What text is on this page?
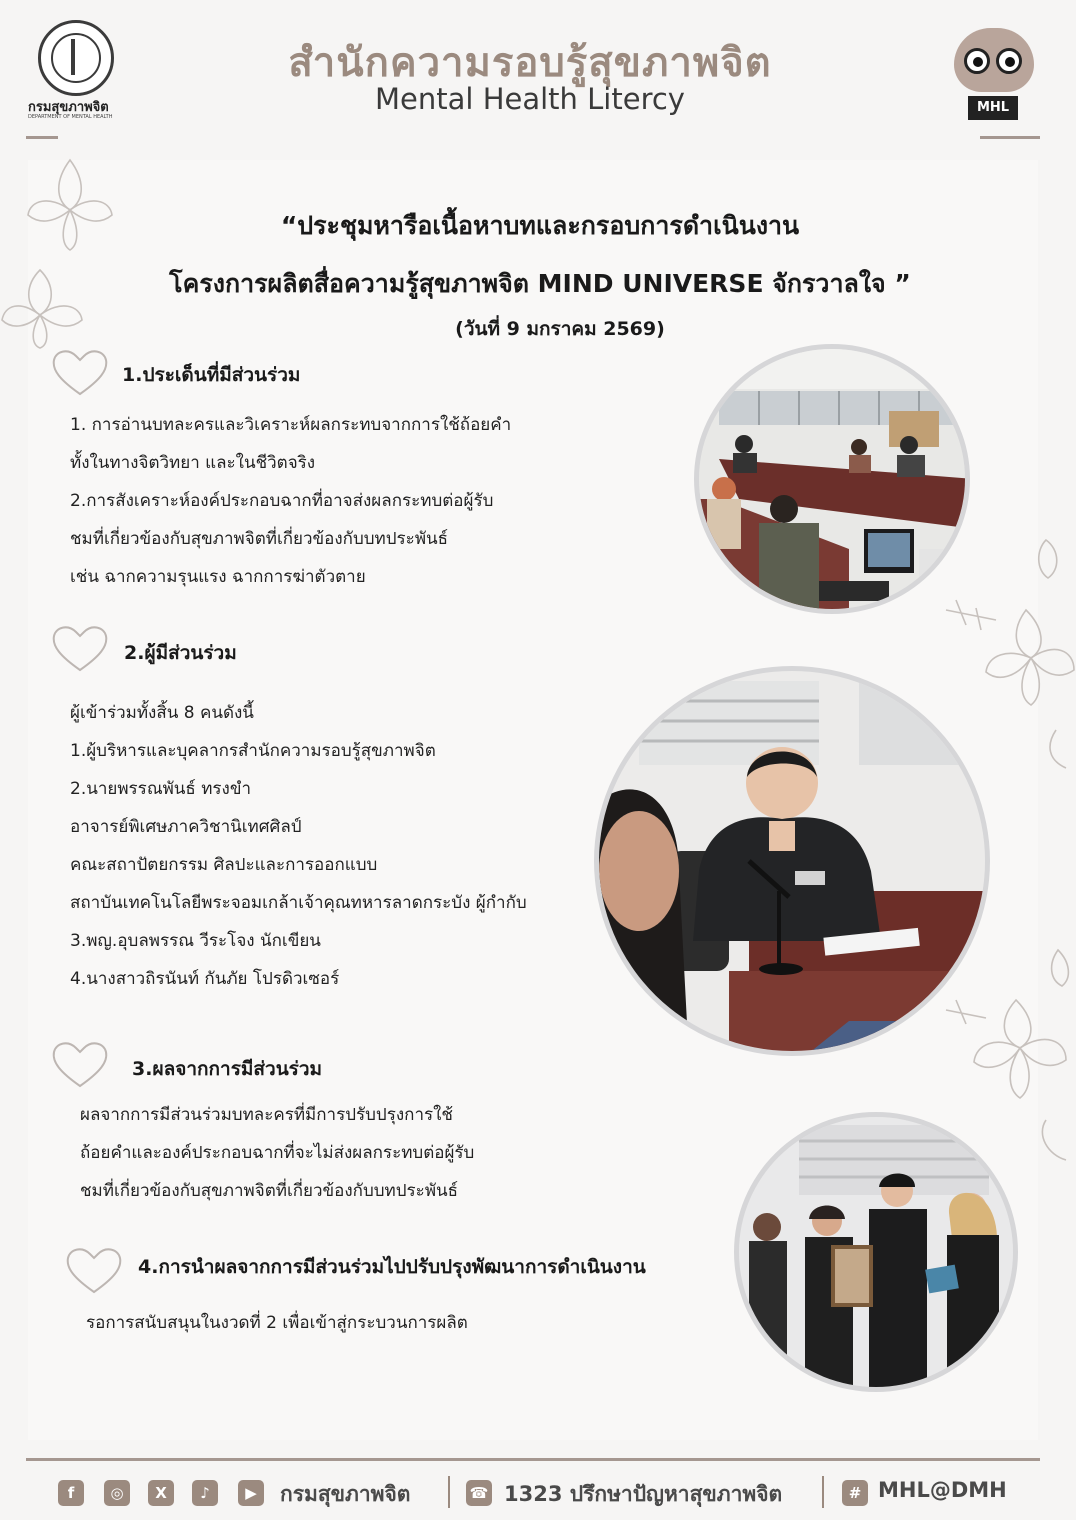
กรมสุขภาพจิต
DEPARTMENT OF MENTAL HEALTH
สำนักความรอบรู้สุขภาพจิต
Mental Health Litercy	MHL
“ประชุมหารือเนื้อหาบทและกรอบการดำเนินงาน
โครงการผลิตสื่อความรู้สุขภาพจิต MIND UNIVERSE จักรวาลใจ ”
(วันที่ 9 มกราคม 2569)
1.ประเด็นที่มีส่วนร่วม
1. การอ่านบทละครและวิเคราะห์ผลกระทบจากการใช้ถ้อยคำ
ทั้งในทางจิตวิทยา และในชีวิตจริง
2.การสังเคราะห์องค์ประกอบฉากที่อาจส่งผลกระทบต่อผู้รับ
ชมที่เกี่ยวข้องกับสุขภาพจิตที่เกี่ยวข้องกับบทประพันธ์
เช่น ฉากความรุนแรง ฉากการฆ่าตัวตาย
2.ผู้มีส่วนร่วม
ผู้เข้าร่วมทั้งสิ้น 8 คนดังนี้
1.ผู้บริหารและบุคลากรสำนักความรอบรู้สุขภาพจิต
2.นายพรรณพันธ์ ทรงขำ
อาจารย์พิเศษภาควิชานิเทศศิลป์
คณะสถาปัตยกรรม ศิลปะและการออกแบบ
สถาบันเทคโนโลยีพระจอมเกล้าเจ้าคุณทหารลาดกระบัง ผู้กำกับ
3.พญ.อุบลพรรณ วีระโจง นักเขียน
4.นางสาวถิรนันท์ กันภัย โปรดิวเซอร์
3.ผลจากการมีส่วนร่วม
ผลจากการมีส่วนร่วมบทละครที่มีการปรับปรุงการใช้
ถ้อยคำและองค์ประกอบฉากที่จะไม่ส่งผลกระทบต่อผู้รับ
ชมที่เกี่ยวข้องกับสุขภาพจิตที่เกี่ยวข้องกับบทประพันธ์
4.การนำผลจากการมีส่วนร่วมไปปรับปรุงพัฒนาการดำเนินงาน
รอการสนับสนุนในงวดที่ 2 เพื่อเข้าสู่กระบวนการผลิต
f	◎	X	♪	▶	กรมสุขภาพจิต	☎ 1323 ปรึกษาปัญหาสุขภาพจิต	# MHL@DMH
